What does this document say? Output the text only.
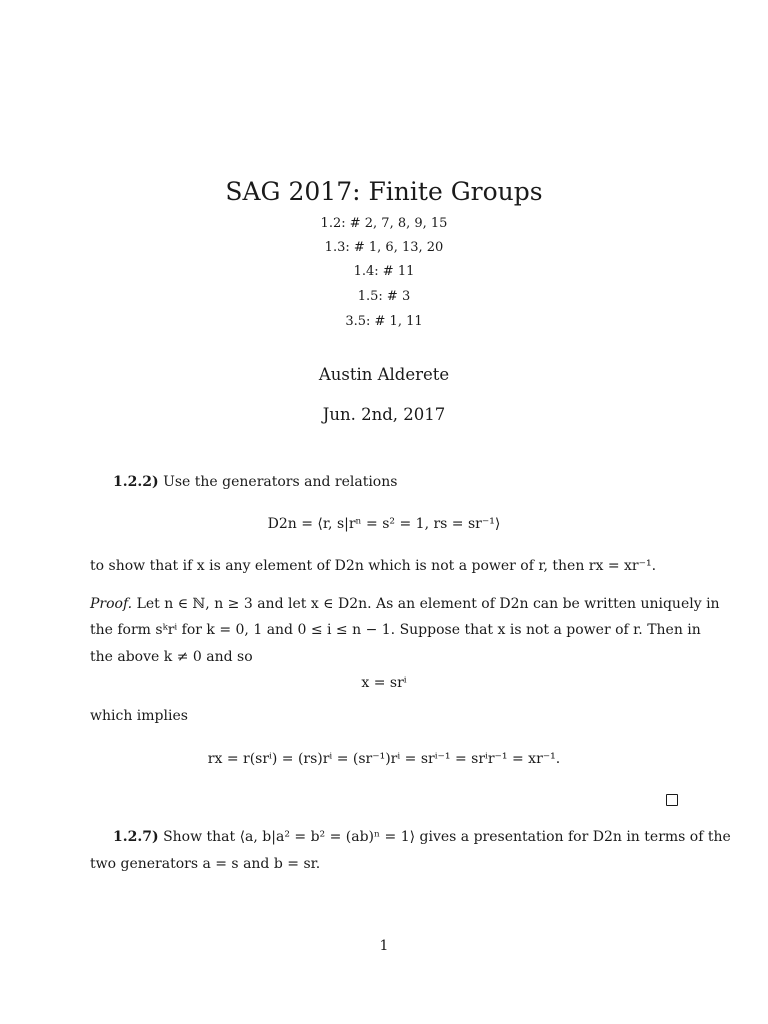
SAG 2017: Finite Groups
1.2: # 2, 7, 8, 9, 15
1.3: # 1, 6, 13, 20
1.4: # 11
1.5: # 3
3.5: # 1, 11
Austin Alderete
Jun. 2nd, 2017
1.2.2) Use the generators and relations
D2n = ⟨r, s|rⁿ = s² = 1, rs = sr⁻¹⟩
to show that if x is any element of D2n which is not a power of r, then rx = xr⁻¹.
Proof. Let n ∈ ℕ, n ≥ 3 and let x ∈ D2n. As an element of D2n can be written uniquely in
the form sᵏrⁱ for k = 0, 1 and 0 ≤ i ≤ n − 1. Suppose that x is not a power of r. Then in
the above k ≠ 0 and so
x = srⁱ
which implies
rx = r(srⁱ) = (rs)rⁱ = (sr⁻¹)rⁱ = srⁱ⁻¹ = srⁱr⁻¹ = xr⁻¹.
1.2.7) Show that ⟨a, b|a² = b² = (ab)ⁿ = 1⟩ gives a presentation for D2n in terms of the
two generators a = s and b = sr.
1
